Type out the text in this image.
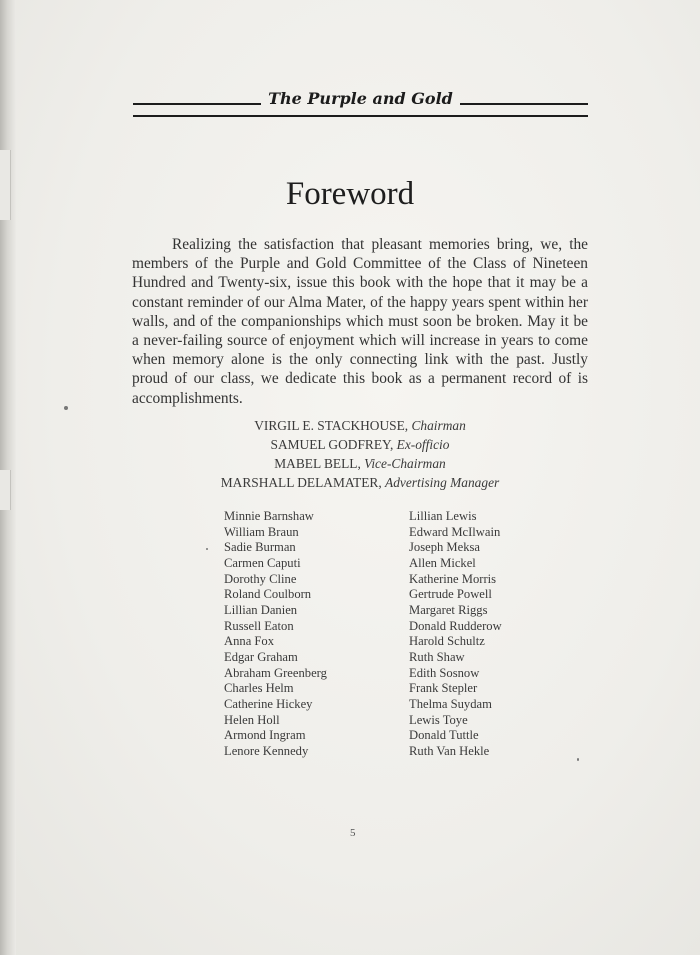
The Purple and Gold
Foreword
Realizing the satisfaction that pleasant memories bring, we, the members of the Purple and Gold Committee of the Class of Nineteen Hundred and Twenty-six, issue this book with the hope that it may be a constant reminder of our Alma Mater, of the happy years spent within her walls, and of the companionships which must soon be broken. May it be a never-failing source of enjoyment which will increase in years to come when memory alone is the only connecting link with the past. Justly proud of our class, we dedicate this book as a permanent record of is accomplishments.
VIRGIL E. STACKHOUSE, Chairman
SAMUEL GODFREY, Ex-officio
MABEL BELL, Vice-Chairman
MARSHALL DELAMATER, Advertising Manager
Minnie Barnshaw
William Braun
Sadie Burman
Carmen Caputi
Dorothy Cline
Roland Coulborn
Lillian Danien
Russell Eaton
Anna Fox
Edgar Graham
Abraham Greenberg
Charles Helm
Catherine Hickey
Helen Holl
Armond Ingram
Lenore Kennedy
Lillian Lewis
Edward McIlwain
Joseph Meksa
Allen Mickel
Katherine Morris
Gertrude Powell
Margaret Riggs
Donald Rudderow
Harold Schultz
Ruth Shaw
Edith Sosnow
Frank Stepler
Thelma Suydam
Lewis Toye
Donald Tuttle
Ruth Van Hekle
5
